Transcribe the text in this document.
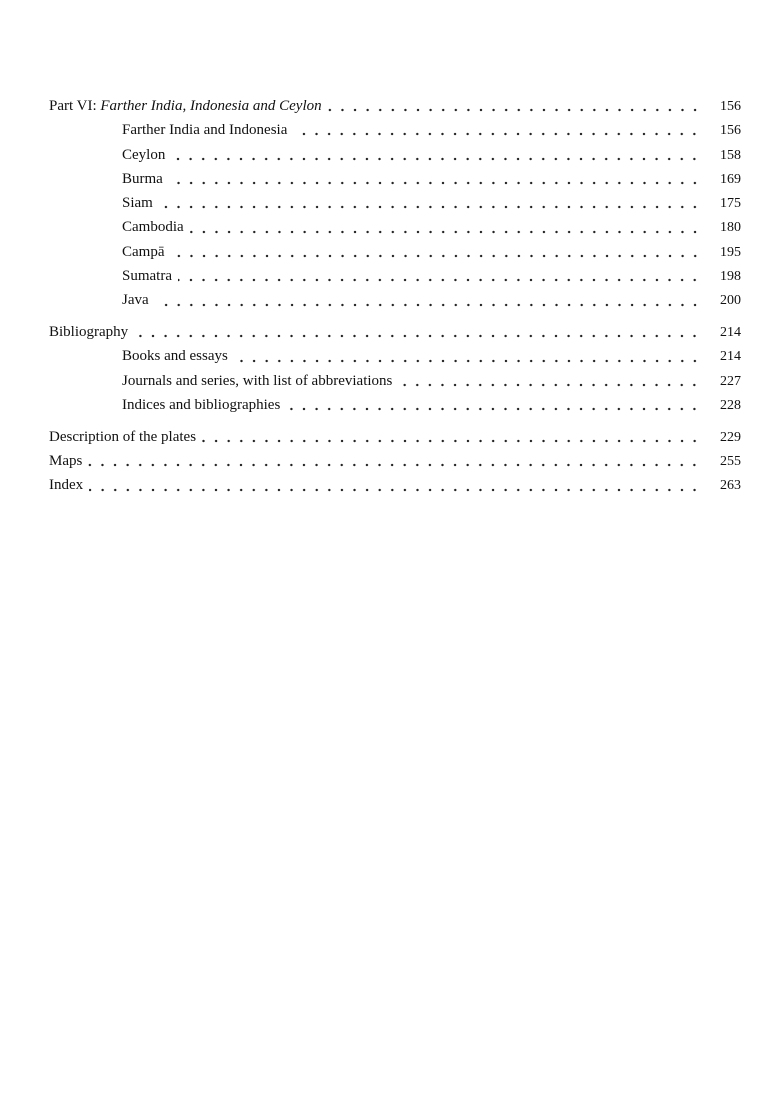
Part VI: Farther India, Indonesia and Ceylon	156
Farther India and Indonesia	156
Ceylon	158
Burma	169
Siam	175
Cambodia	180
Campā	195
Sumatra	198
Java	200
Bibliography	214
Books and essays	214
Journals and series, with list of abbreviations	227
Indices and bibliographies	228
Description of the plates	229
Maps	255
Index	263
